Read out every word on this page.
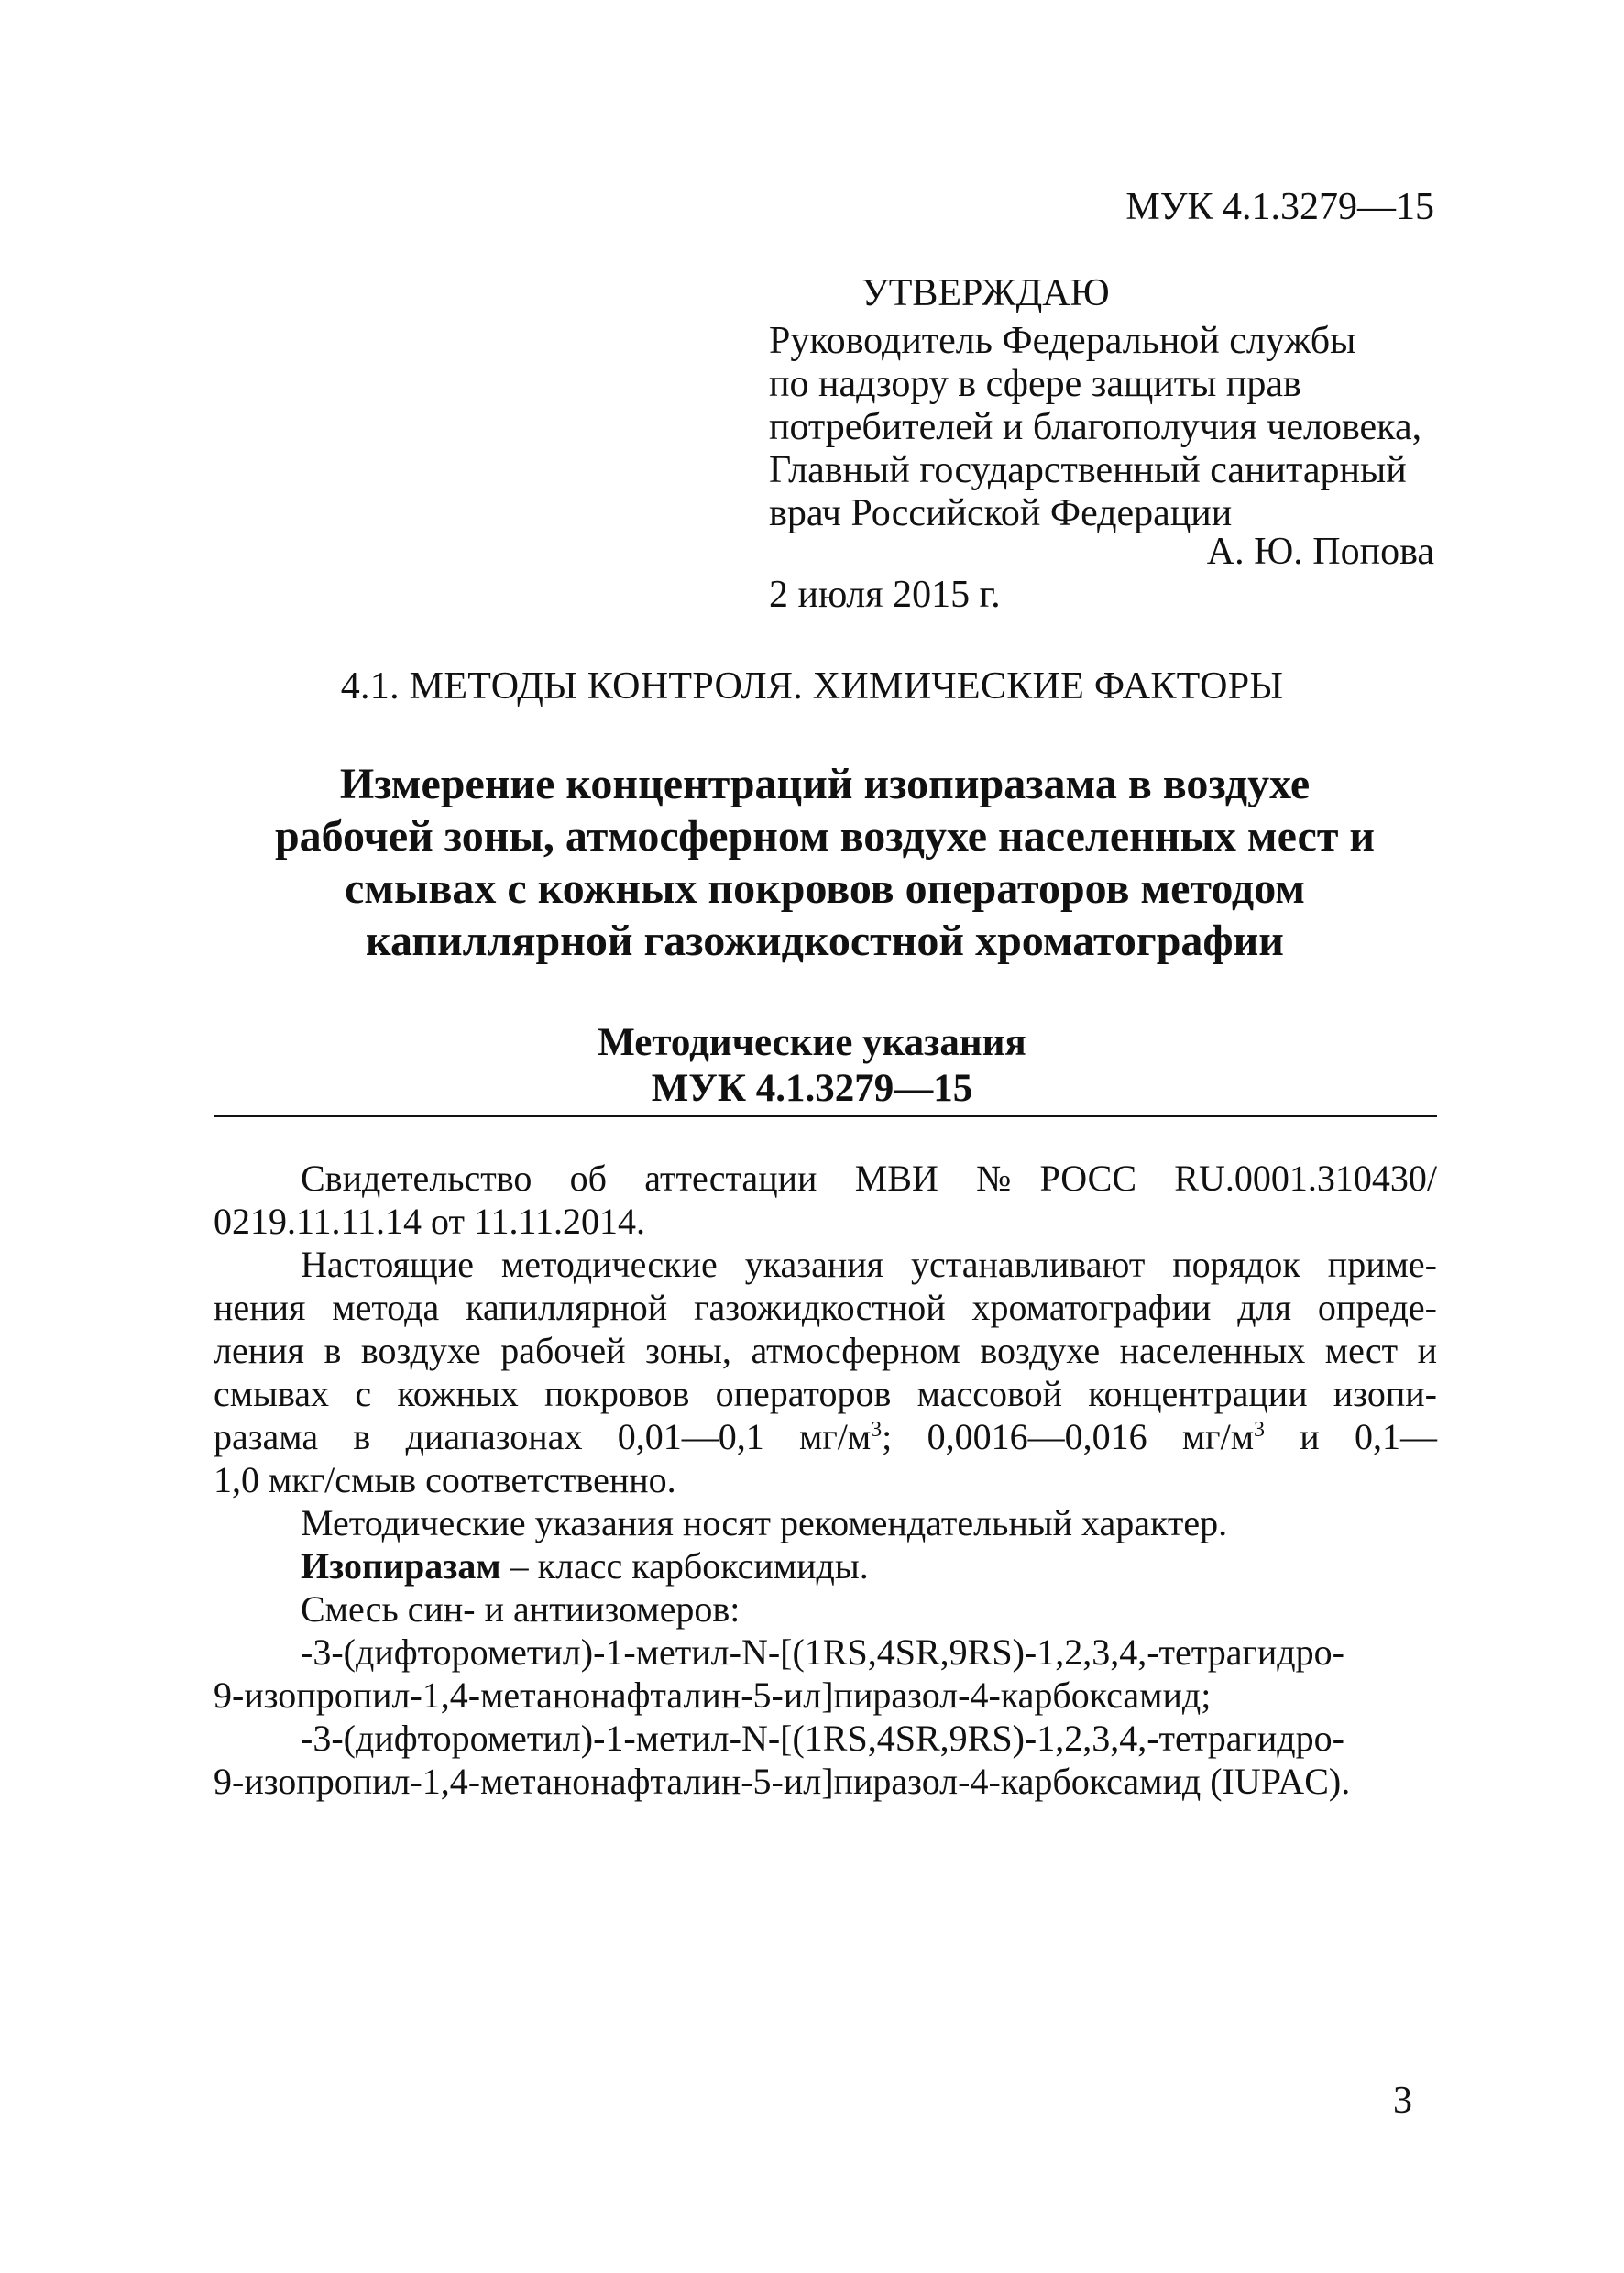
МУК 4.1.3279—15
УТВЕРЖДАЮ
Руководитель Федеральной службы
по надзору в сфере защиты прав
потребителей и благополучия человека,
Главный государственный санитарный
врач Российской Федерации
А. Ю. Попова
2 июля 2015 г.
4.1. МЕТОДЫ КОНТРОЛЯ. ХИМИЧЕСКИЕ ФАКТОРЫ
Измерение концентраций изопиразама в воздухе
рабочей зоны, атмосферном воздухе населенных мест и
смывах с кожных покровов операторов методом
капиллярной газожидкостной хроматографии
Методические указания
МУК 4.1.3279—15
Свидетельство об аттестации МВИ №РОСС RU.0001.310430/
0219.11.11.14 от 11.11.2014.
Настоящие методические указания устанавливают порядок приме-
нения метода капиллярной газожидкостной хроматографии для опреде-
ления в воздухе рабочей зоны, атмосферном воздухе населенных мест и
смывах с кожных покровов операторов массовой концентрации изопи-
разама в диапазонах 0,01—0,1 $мг/м^3$; 0,0016—0,016 $мг/м^3$ и 0,1—
1,0 мкг/смыв соответственно.
Методические указания носят рекомендательный характер.
Изопиразам – класс карбоксимиды.
Смесь син- и антиизомеров:
-3-(дифторометил)-1-метил-N-[(1RS,4SR,9RS)-1,2,3,4,-тетрагидро-
9-изопропил-1,4-метанонафталин-5-ил]пиразол-4-карбоксамид;
-3-(дифторометил)-1-метил-N-[(1RS,4SR,9RS)-1,2,3,4,-тетрагидро-
9-изопропил-1,4-метанонафталин-5-ил]пиразол-4-карбоксамид (IUPAC).
3
